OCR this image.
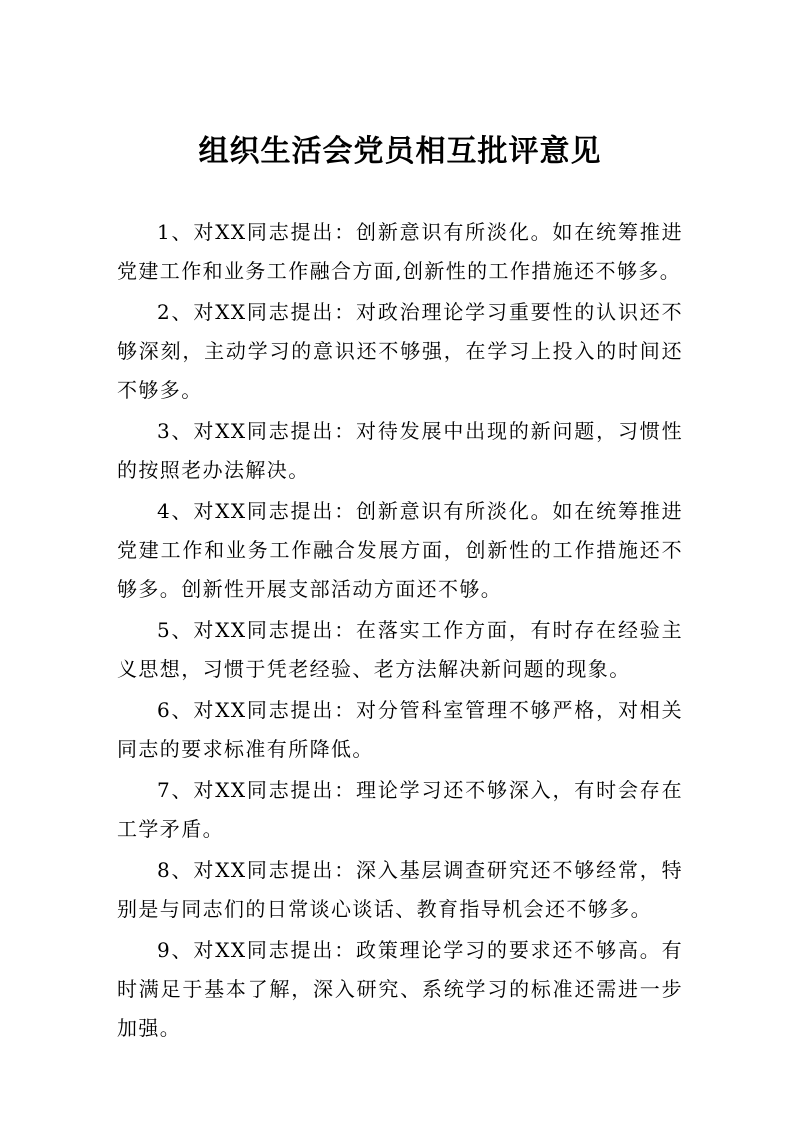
组织生活会党员相互批评意见

1、对XX同志提出：创新意识有所淡化。如在统筹推进党建工作和业务工作融合方面,创新性的工作措施还不够多。

2、对XX同志提出：对政治理论学习重要性的认识还不够深刻，主动学习的意识还不够强，在学习上投入的时间还不够多。

3、对XX同志提出：对待发展中出现的新问题，习惯性的按照老办法解决。

4、对XX同志提出：创新意识有所淡化。如在统筹推进党建工作和业务工作融合发展方面，创新性的工作措施还不够多。创新性开展支部活动方面还不够。

5、对XX同志提出：在落实工作方面，有时存在经验主义思想，习惯于凭老经验、老方法解决新问题的现象。

6、对XX同志提出：对分管科室管理不够严格，对相关同志的要求标准有所降低。

7、对XX同志提出：理论学习还不够深入，有时会存在工学矛盾。

8、对XX同志提出：深入基层调查研究还不够经常，特别是与同志们的日常谈心谈话、教育指导机会还不够多。

9、对XX同志提出：政策理论学习的要求还不够高。有时满足于基本了解，深入研究、系统学习的标准还需进一步加强。
